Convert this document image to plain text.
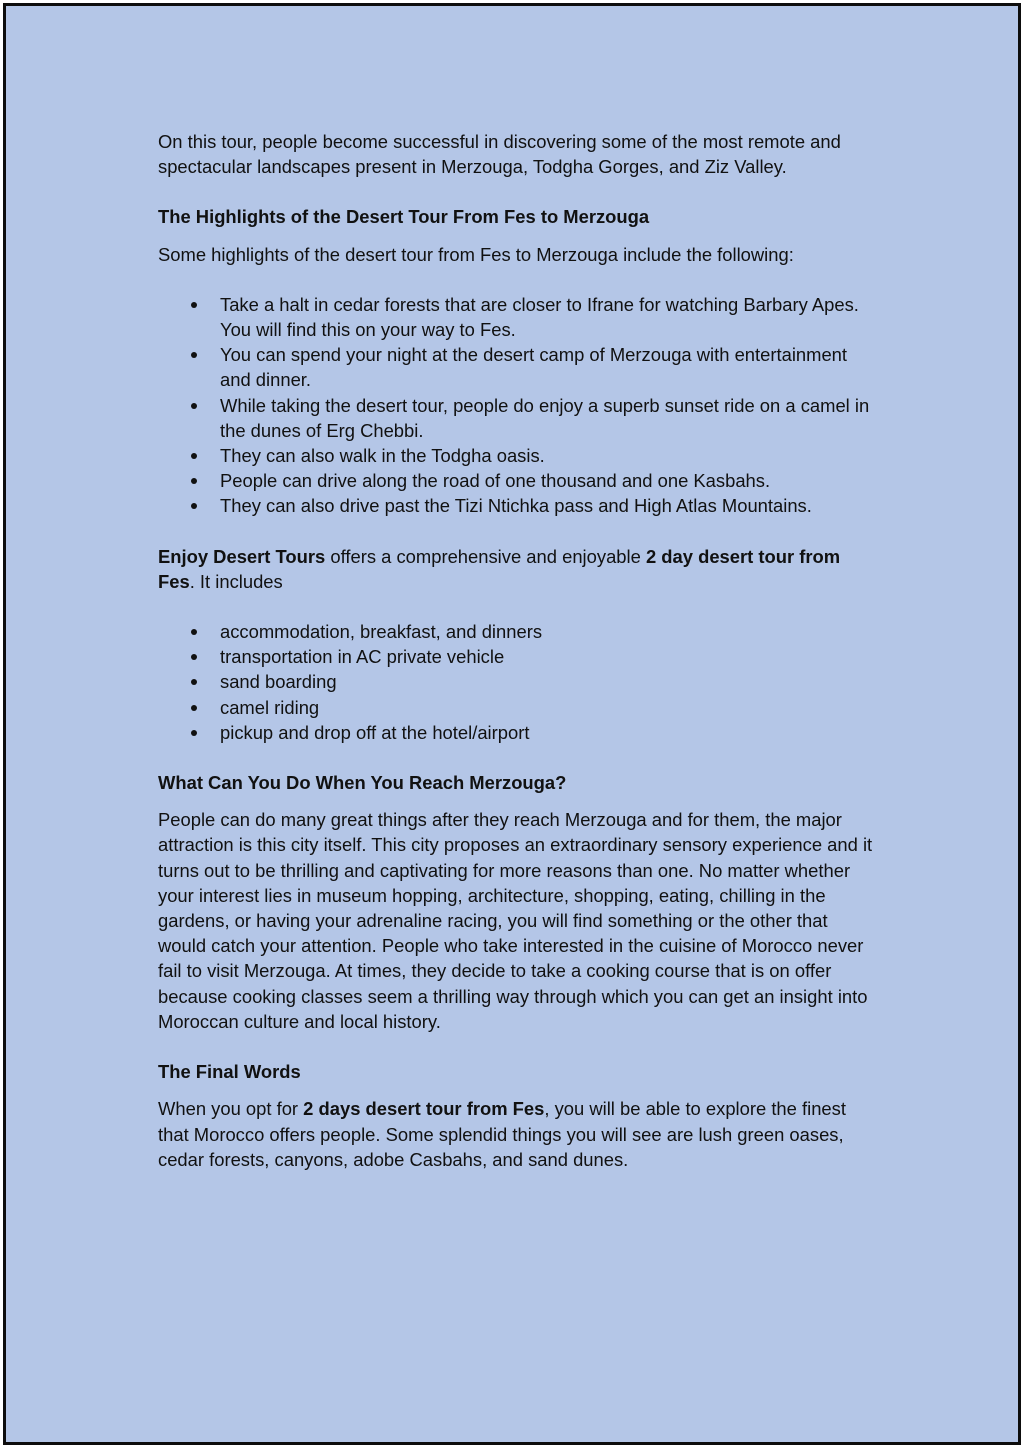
On this tour, people become successful in discovering some of the most remote and spectacular landscapes present in Merzouga, Todgha Gorges, and Ziz Valley.

The Highlights of the Desert Tour From Fes to Merzouga

Some highlights of the desert tour from Fes to Merzouga include the following:

Take a halt in cedar forests that are closer to Ifrane for watching Barbary Apes. You will find this on your way to Fes.
You can spend your night at the desert camp of Merzouga with entertainment and dinner.
While taking the desert tour, people do enjoy a superb sunset ride on a camel in the dunes of Erg Chebbi.
They can also walk in the Todgha oasis.
People can drive along the road of one thousand and one Kasbahs.
They can also drive past the Tizi Ntichka pass and High Atlas Mountains.

Enjoy Desert Tours offers a comprehensive and enjoyable 2 day desert tour from Fes. It includes

accommodation, breakfast, and dinners
transportation in AC private vehicle
sand boarding
camel riding
pickup and drop off at the hotel/airport
What Can You Do When You Reach Merzouga?

People can do many great things after they reach Merzouga and for them, the major attraction is this city itself. This city proposes an extraordinary sensory experience and it turns out to be thrilling and captivating for more reasons than one. No matter whether your interest lies in museum hopping, architecture, shopping, eating, chilling in the gardens, or having your adrenaline racing, you will find something or the other that would catch your attention. People who take interested in the cuisine of Morocco never fail to visit Merzouga. At times, they decide to take a cooking course that is on offer because cooking classes seem a thrilling way through which you can get an insight into Moroccan culture and local history.

The Final Words

When you opt for 2 days desert tour from Fes, you will be able to explore the finest that Morocco offers people. Some splendid things you will see are lush green oases, cedar forests, canyons, adobe Casbahs, and sand dunes.
